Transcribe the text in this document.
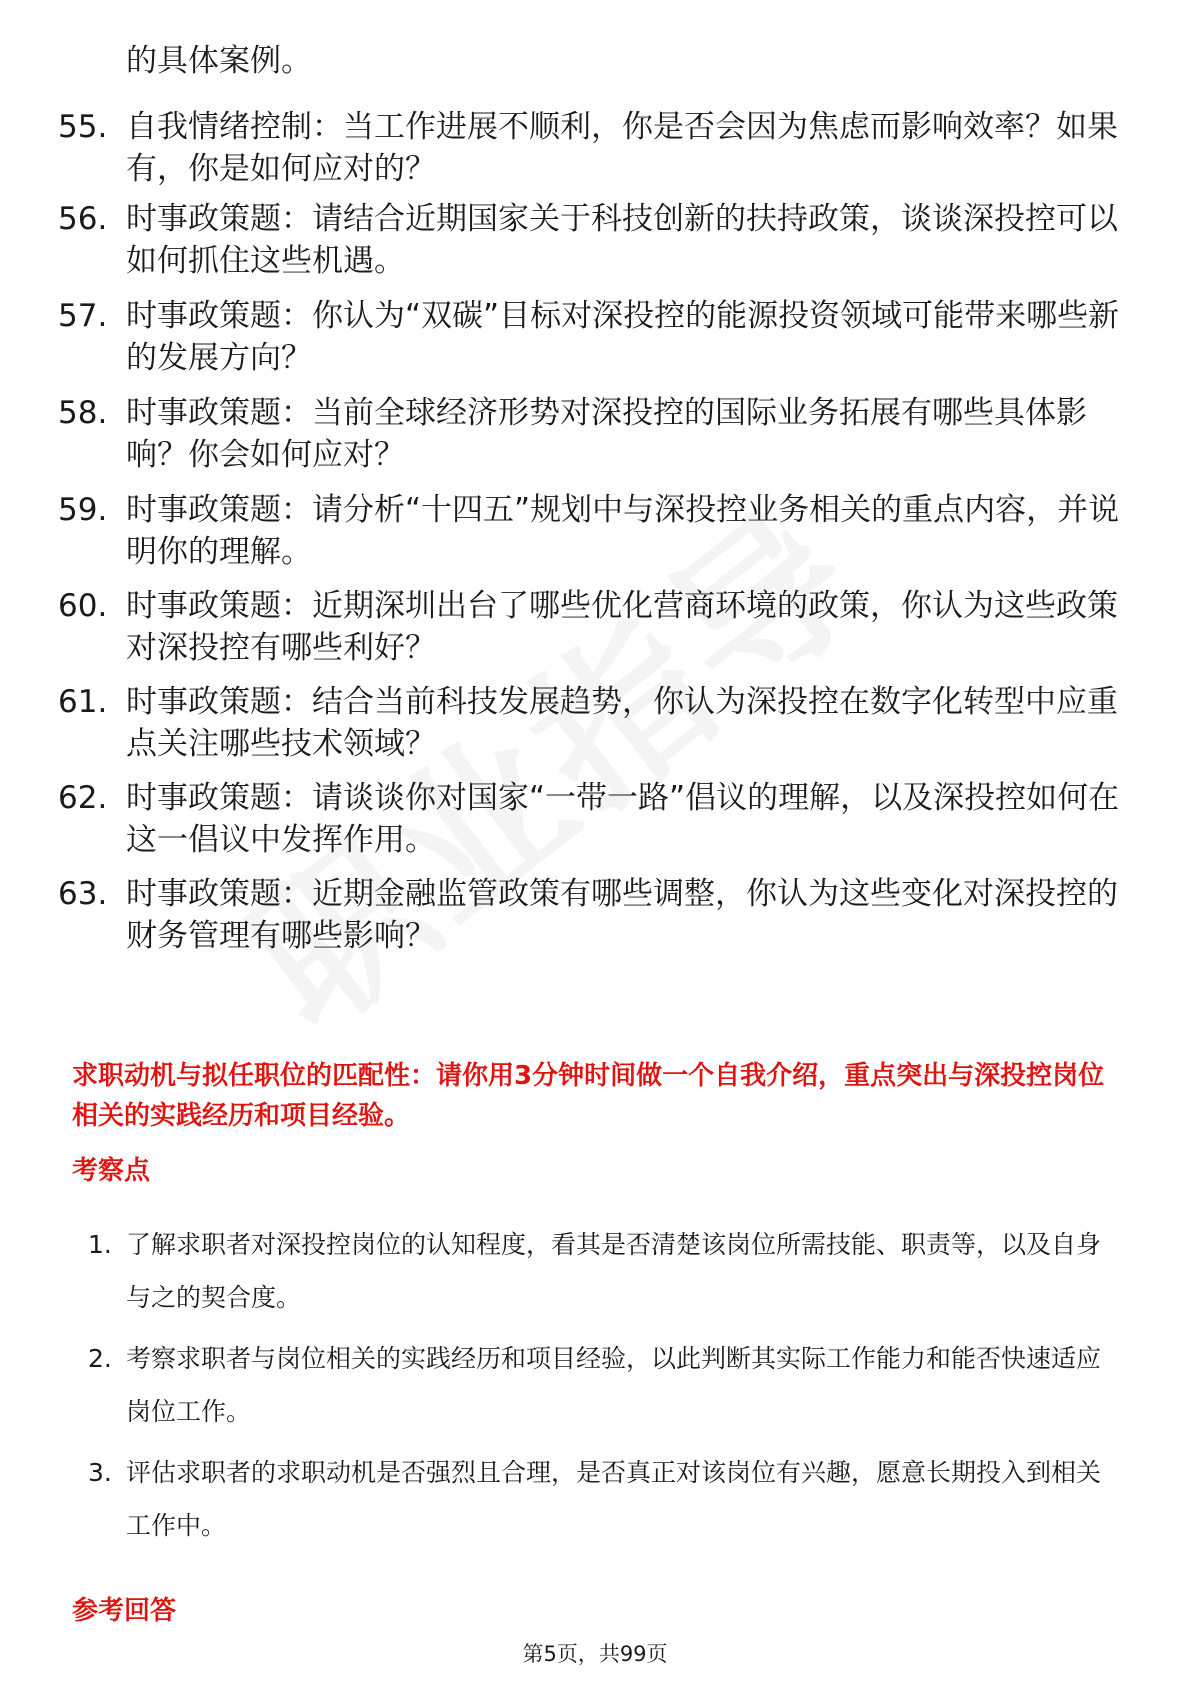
的具体案例。
55. 自我情绪控制：当工作进展不顺利，你是否会因为焦虑而影响效率？如果有，你是如何应对的？
56. 时事政策题：请结合近期国家关于科技创新的扶持政策，谈谈深投控可以如何抓住这些机遇。
57. 时事政策题：你认为“双碳”目标对深投控的能源投资领域可能带来哪些新的发展方向？
58. 时事政策题：当前全球经济形势对深投控的国际业务拓展有哪些具体影响？你会如何应对？
59. 时事政策题：请分析“十四五”规划中与深投控业务相关的重点内容，并说明你的理解。
60. 时事政策题：近期深圳出台了哪些优化营商环境的政策，你认为这些政策对深投控有哪些利好？
61. 时事政策题：结合当前科技发展趋势，你认为深投控在数字化转型中应重点关注哪些技术领域？
62. 时事政策题：请谈谈你对国家“一带一路”倡议的理解，以及深投控如何在这一倡议中发挥作用。
63. 时事政策题：近期金融监管政策有哪些调整，你认为这些变化对深投控的财务管理有哪些影响？
求职动机与拟任职位的匹配性：请你用3分钟时间做一个自我介绍，重点突出与深投控岗位相关的实践经历和项目经验。
考察点
1. 了解求职者对深投控岗位的认知程度，看其是否清楚该岗位所需技能、职责等，以及自身与之的契合度。
2. 考察求职者与岗位相关的实践经历和项目经验，以此判断其实际工作能力和能否快速适应岗位工作。
3. 评估求职者的求职动机是否强烈且合理，是否真正对该岗位有兴趣，愿意长期投入到相关工作中。
参考回答
第5页，共99页
